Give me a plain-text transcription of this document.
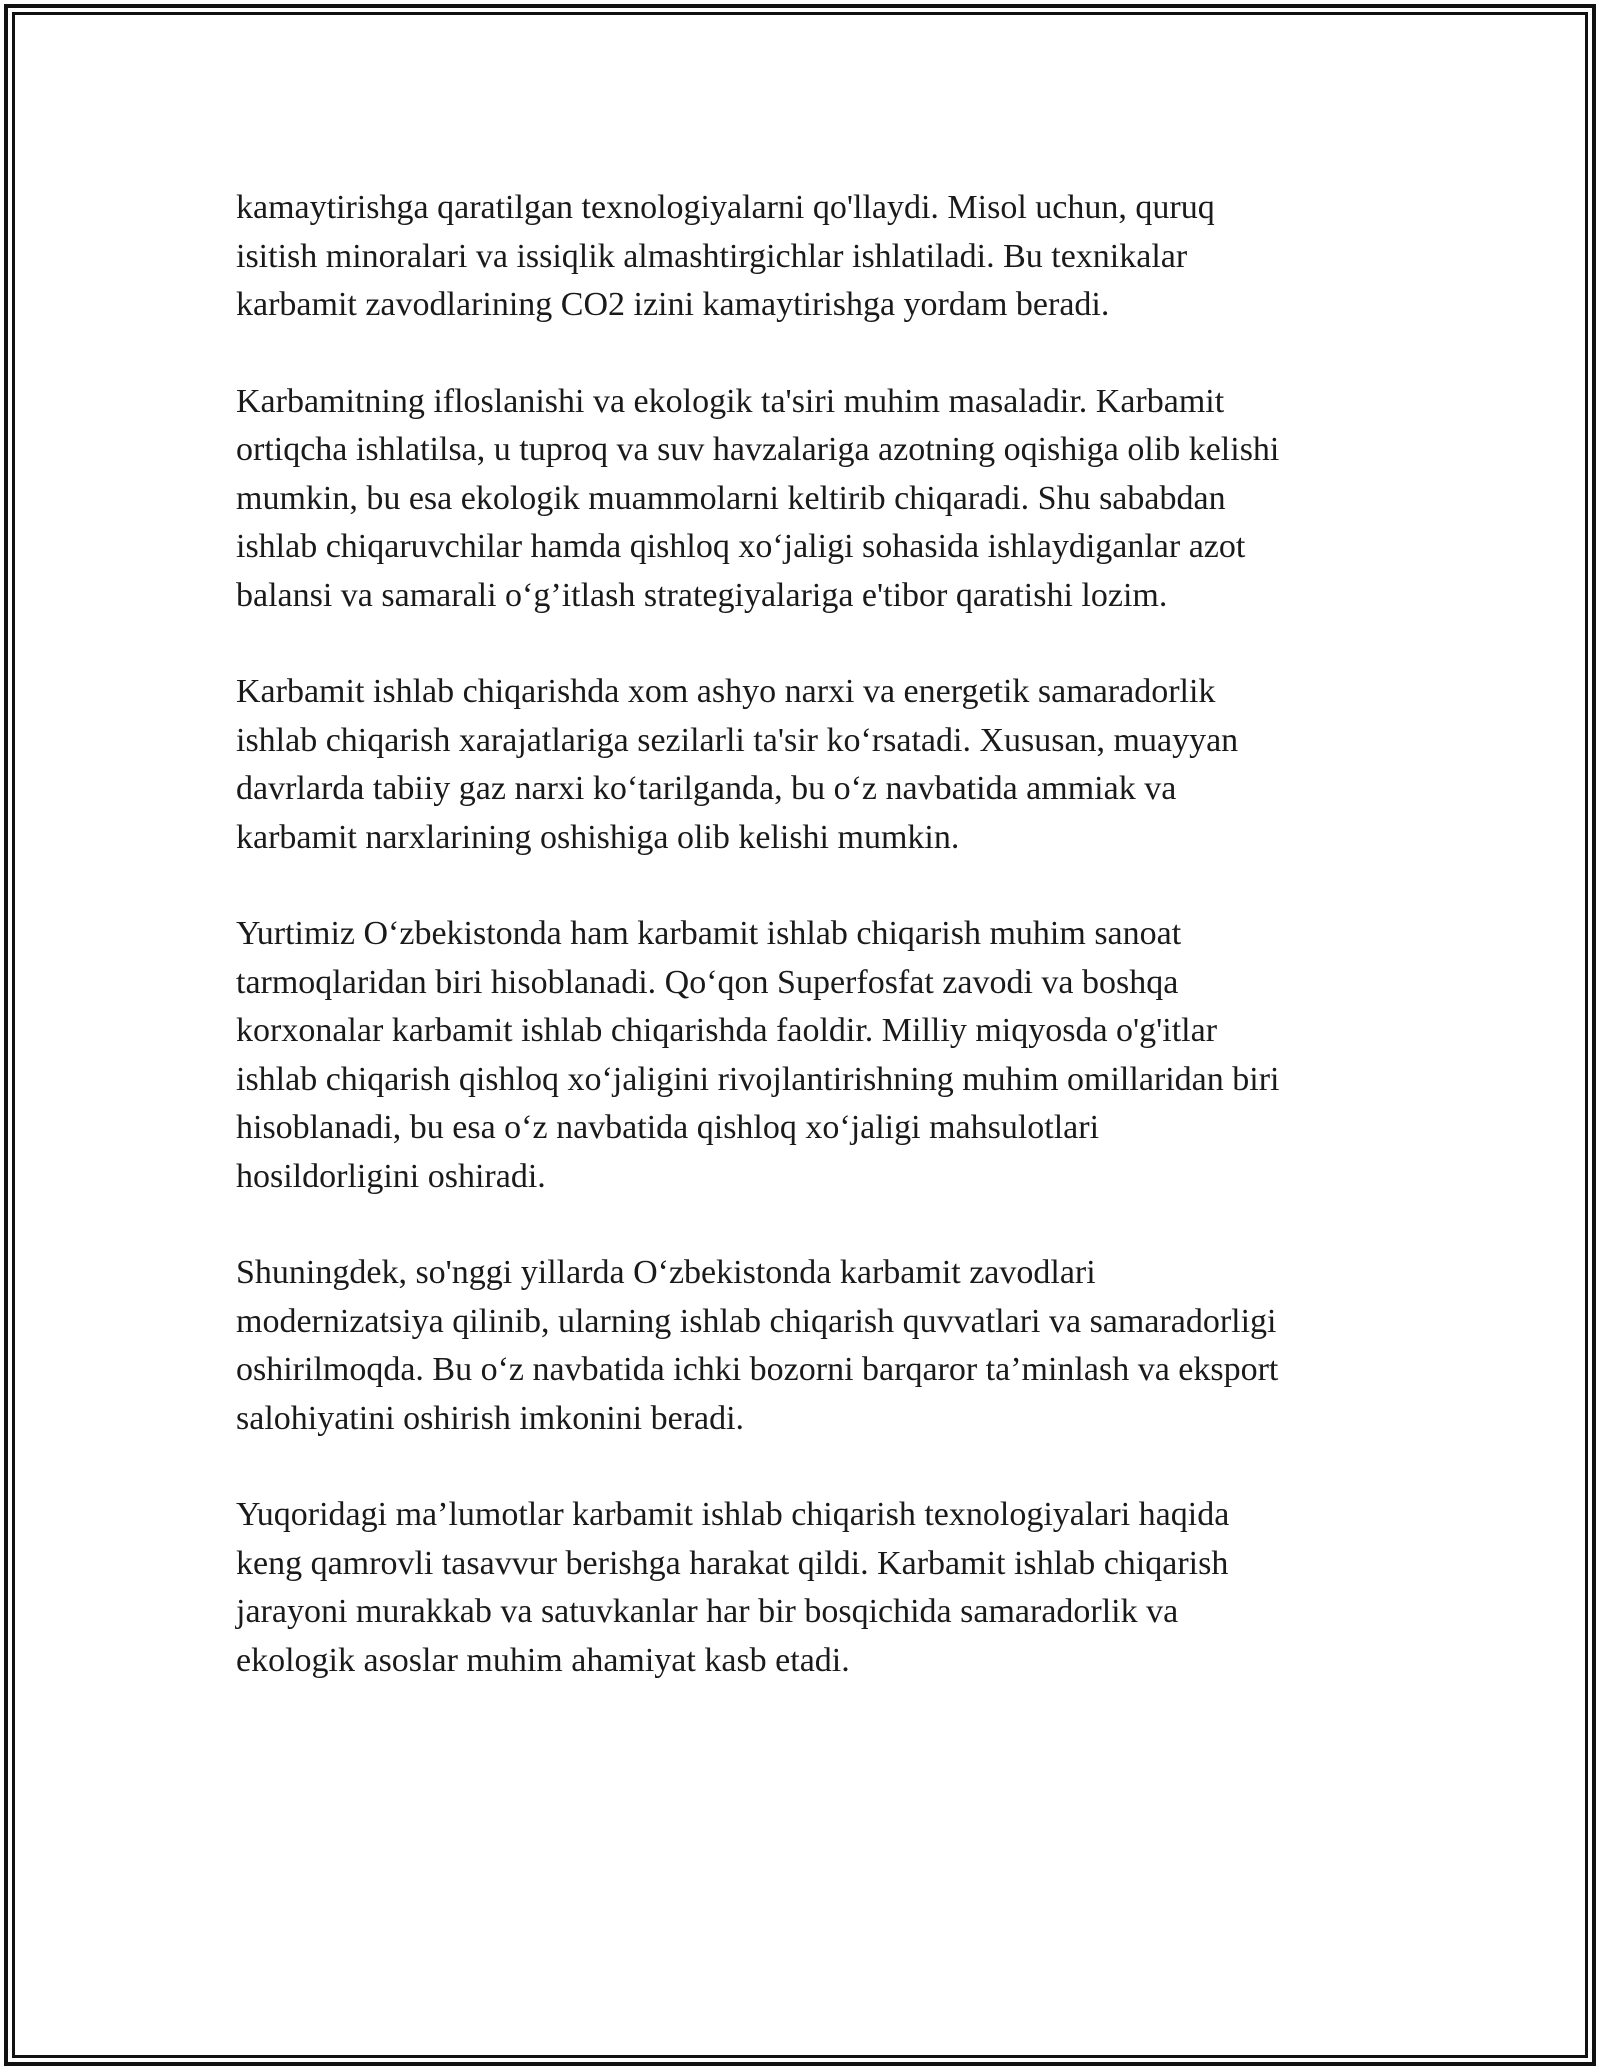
kamaytirishga qaratilgan texnologiyalarni qo'llaydi. Misol uchun, quruq
isitish minoralari va issiqlik almashtirgichlar ishlatiladi. Bu texnikalar
karbamit zavodlarining CO2 izini kamaytirishga yordam beradi.

Karbamitning ifloslanishi va ekologik ta'siri muhim masaladir. Karbamit
ortiqcha ishlatilsa, u tuproq va suv havzalariga azotning oqishiga olib kelishi
mumkin, bu esa ekologik muammolarni keltirib chiqaradi. Shu sababdan
ishlab chiqaruvchilar hamda qishloq xo‘jaligi sohasida ishlaydiganlar azot
balansi va samarali o‘g’itlash strategiyalariga e'tibor qaratishi lozim.

Karbamit ishlab chiqarishda xom ashyo narxi va energetik samaradorlik
ishlab chiqarish xarajatlariga sezilarli ta'sir ko‘rsatadi. Xususan, muayyan
davrlarda tabiiy gaz narxi ko‘tarilganda, bu o‘z navbatida ammiak va
karbamit narxlarining oshishiga olib kelishi mumkin.

Yurtimiz O‘zbekistonda ham karbamit ishlab chiqarish muhim sanoat
tarmoqlaridan biri hisoblanadi. Qo‘qon Superfosfat zavodi va boshqa
korxonalar karbamit ishlab chiqarishda faoldir. Milliy miqyosda o'g'itlar
ishlab chiqarish qishloq xo‘jaligini rivojlantirishning muhim omillaridan biri
hisoblanadi, bu esa o‘z navbatida qishloq xo‘jaligi mahsulotlari
hosildorligini oshiradi.

Shuningdek, so'nggi yillarda O‘zbekistonda karbamit zavodlari
modernizatsiya qilinib, ularning ishlab chiqarish quvvatlari va samaradorligi
oshirilmoqda. Bu o‘z navbatida ichki bozorni barqaror ta’minlash va eksport
salohiyatini oshirish imkonini beradi.

Yuqoridagi ma’lumotlar karbamit ishlab chiqarish texnologiyalari haqida
keng qamrovli tasavvur berishga harakat qildi. Karbamit ishlab chiqarish
jarayoni murakkab va satuvkanlar har bir bosqichida samaradorlik va
ekologik asoslar muhim ahamiyat kasb etadi.
